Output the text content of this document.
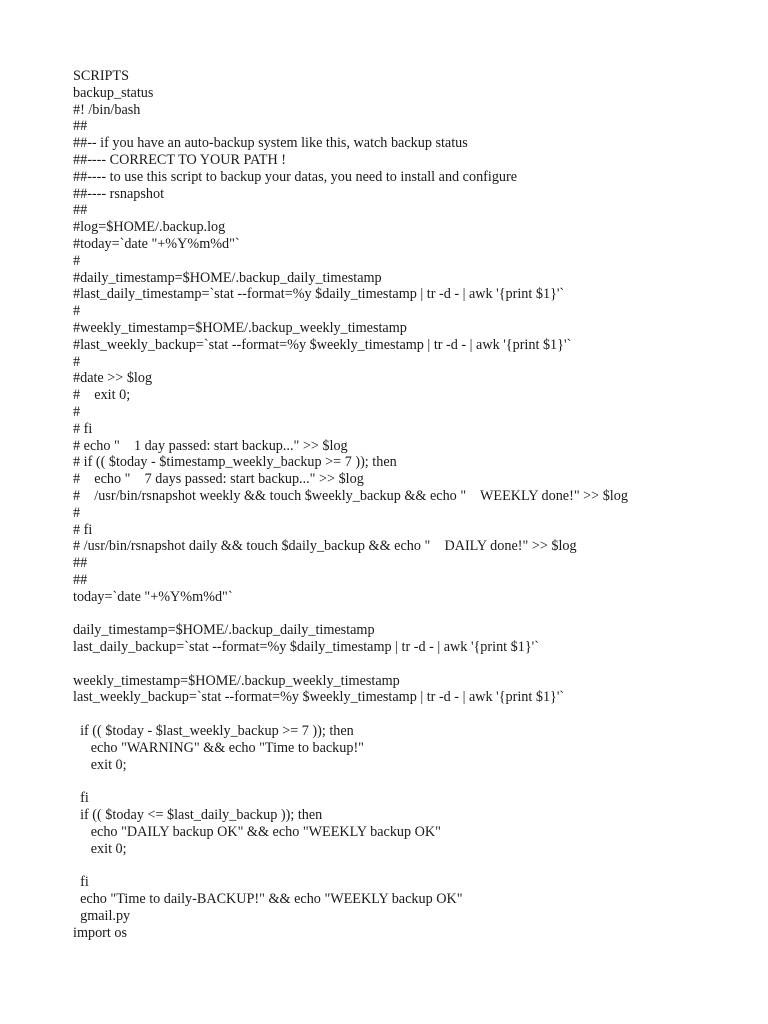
SCRIPTS
backup_status
#! /bin/bash
##
##-- if you have an auto-backup system like this, watch backup status
##---- CORRECT TO YOUR PATH !
##---- to use this script to backup your datas, you need to install and configure
##---- rsnapshot
##
#log=$HOME/.backup.log
#today=`date "+%Y%m%d"`
#
#daily_timestamp=$HOME/.backup_daily_timestamp
#last_daily_timestamp=`stat --format=%y $daily_timestamp | tr -d - | awk '{print $1}'`
#
#weekly_timestamp=$HOME/.backup_weekly_timestamp
#last_weekly_backup=`stat --format=%y $weekly_timestamp | tr -d - | awk '{print $1}'`
#
#date >> $log
#    exit 0;
#
# fi
# echo "    1 day passed: start backup..." >> $log
# if (( $today - $timestamp_weekly_backup >= 7 )); then
#    echo "    7 days passed: start backup..." >> $log
#    /usr/bin/rsnapshot weekly && touch $weekly_backup && echo "    WEEKLY done!" >> $log
#
# fi
# /usr/bin/rsnapshot daily && touch $daily_backup && echo "    DAILY done!" >> $log
##
##
today=`date "+%Y%m%d"`
daily_timestamp=$HOME/.backup_daily_timestamp
last_daily_backup=`stat --format=%y $daily_timestamp | tr -d - | awk '{print $1}'`
weekly_timestamp=$HOME/.backup_weekly_timestamp
last_weekly_backup=`stat --format=%y $weekly_timestamp | tr -d - | awk '{print $1}'`
if (( $today - $last_weekly_backup >= 7 )); then
echo "WARNING" && echo "Time to backup!"
exit 0;
fi
if (( $today <= $last_daily_backup )); then
echo "DAILY backup OK" && echo "WEEKLY backup OK"
exit 0;
fi
echo "Time to daily-BACKUP!" && echo "WEEKLY backup OK"
gmail.py
import os
